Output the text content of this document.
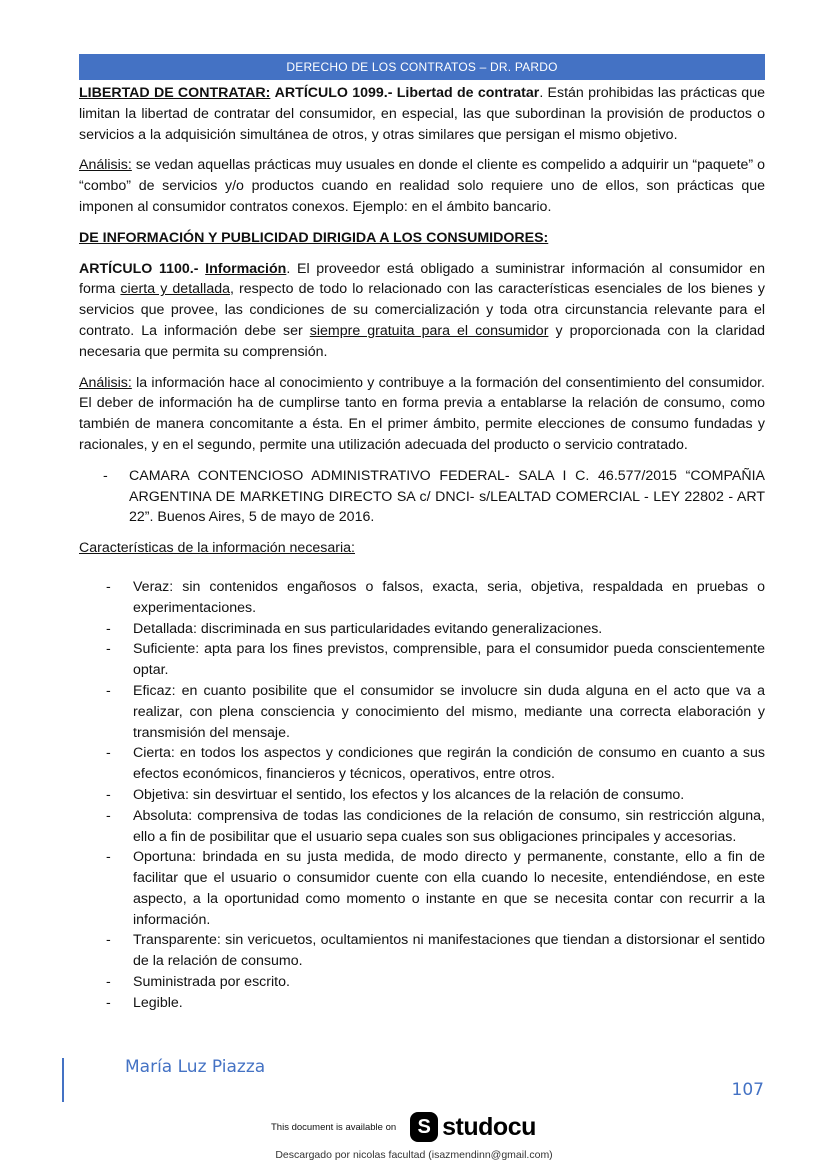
DERECHO DE LOS CONTRATOS – DR. PARDO

LIBERTAD DE CONTRATAR: ARTÍCULO 1099.- Libertad de contratar. Están prohibidas las prácticas que limitan la libertad de contratar del consumidor, en especial, las que subordinan la provisión de productos o servicios a la adquisición simultánea de otros, y otras similares que persigan el mismo objetivo.

Análisis: se vedan aquellas prácticas muy usuales en donde el cliente es compelido a adquirir un “paquete” o “combo” de servicios y/o productos cuando en realidad solo requiere uno de ellos, son prácticas que imponen al consumidor contratos conexos. Ejemplo: en el ámbito bancario.

DE INFORMACIÓN Y PUBLICIDAD DIRIGIDA A LOS CONSUMIDORES:

ARTÍCULO 1100.- Información. El proveedor está obligado a suministrar información al consumidor en forma cierta y detallada, respecto de todo lo relacionado con las características esenciales de los bienes y servicios que provee, las condiciones de su comercialización y toda otra circunstancia relevante para el contrato. La información debe ser siempre gratuita para el consumidor y proporcionada con la claridad necesaria que permita su comprensión.

Análisis: la información hace al conocimiento y contribuye a la formación del consentimiento del consumidor. El deber de información ha de cumplirse tanto en forma previa a entablarse la relación de consumo, como también de manera concomitante a ésta. En el primer ámbito, permite elecciones de consumo fundadas y racionales, y en el segundo, permite una utilización adecuada del producto o servicio contratado.

- CAMARA CONTENCIOSO ADMINISTRATIVO FEDERAL- SALA I C. 46.577/2015 “COMPAÑIA ARGENTINA DE MARKETING DIRECTO SA c/ DNCI- s/LEALTAD COMERCIAL - LEY 22802 - ART 22”. Buenos Aires, 5 de mayo de 2016.

Características de la información necesaria:

- Veraz: sin contenidos engañosos o falsos, exacta, seria, objetiva, respaldada en pruebas o experimentaciones.
- Detallada: discriminada en sus particularidades evitando generalizaciones.
- Suficiente: apta para los fines previstos, comprensible, para el consumidor pueda conscientemente optar.
- Eficaz: en cuanto posibilite que el consumidor se involucre sin duda alguna en el acto que va a realizar, con plena consciencia y conocimiento del mismo, mediante una correcta elaboración y transmisión del mensaje.
- Cierta: en todos los aspectos y condiciones que regirán la condición de consumo en cuanto a sus efectos económicos, financieros y técnicos, operativos, entre otros.
- Objetiva: sin desvirtuar el sentido, los efectos y los alcances de la relación de consumo.
- Absoluta: comprensiva de todas las condiciones de la relación de consumo, sin restricción alguna, ello a fin de posibilitar que el usuario sepa cuales son sus obligaciones principales y accesorias.
- Oportuna: brindada en su justa medida, de modo directo y permanente, constante, ello a fin de facilitar que el usuario o consumidor cuente con ella cuando lo necesite, entendiéndose, en este aspecto, a la oportunidad como momento o instante en que se necesita contar con recurrir a la información.
- Transparente: sin vericuetos, ocultamientos ni manifestaciones que tiendan a distorsionar el sentido de la relación de consumo.
- Suministrada por escrito.
- Legible.
María Luz Piazza
107
This document is available on	S studocu
Descargado por nicolas facultad (isazmendinn@gmail.com)
